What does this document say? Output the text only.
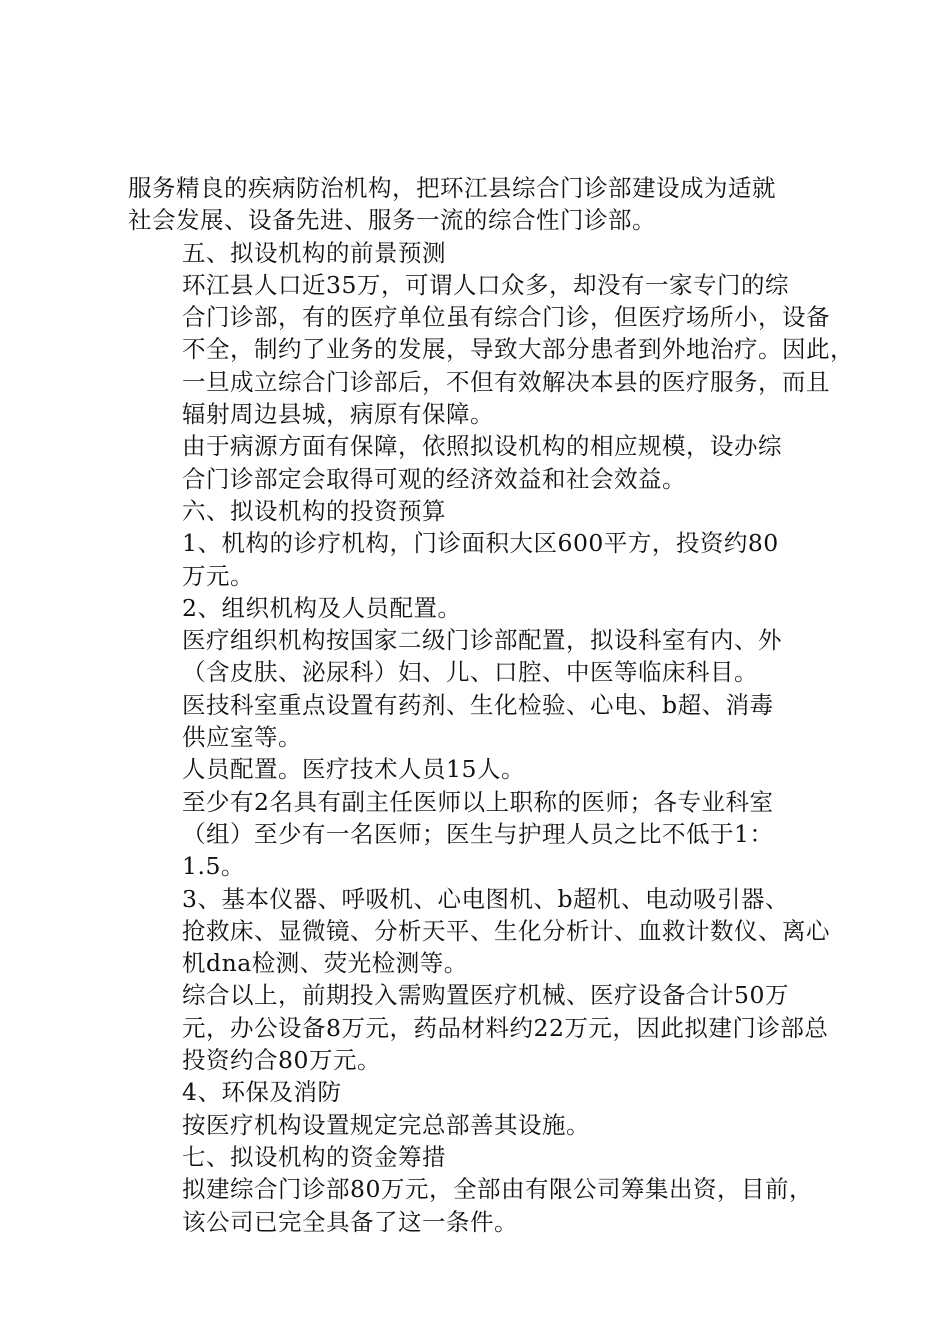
服务精良的疾病防治机构，把环江县综合门诊部建设成为适就
社会发展、设备先进、服务一流的综合性门诊部。
五、拟设机构的前景预测
环江县人口近35万，可谓人口众多，却没有一家专门的综
合门诊部，有的医疗单位虽有综合门诊，但医疗场所小，设备
不全，制约了业务的发展，导致大部分患者到外地治疗。因此，
一旦成立综合门诊部后，不但有效解决本县的医疗服务，而且
辐射周边县城，病原有保障。
由于病源方面有保障，依照拟设机构的相应规模，设办综
合门诊部定会取得可观的经济效益和社会效益。
六、拟设机构的投资预算
1、机构的诊疗机构，门诊面积大区600平方，投资约80
万元。
2、组织机构及人员配置。
医疗组织机构按国家二级门诊部配置，拟设科室有内、外
（含皮肤、泌尿科）妇、儿、口腔、中医等临床科目。
医技科室重点设置有药剂、生化检验、心电、b超、消毒
供应室等。
人员配置。医疗技术人员15人。
至少有2名具有副主任医师以上职称的医师；各专业科室
（组）至少有一名医师；医生与护理人员之比不低于1：
1.5。
3、基本仪器、呼吸机、心电图机、b超机、电动吸引器、
抢救床、显微镜、分析天平、生化分析计、血救计数仪、离心
机dna检测、荧光检测等。
综合以上，前期投入需购置医疗机械、医疗设备合计50万
元，办公设备8万元，药品材料约22万元，因此拟建门诊部总
投资约合80万元。
4、环保及消防
按医疗机构设置规定完总部善其设施。
七、拟设机构的资金筹措
拟建综合门诊部80万元，全部由有限公司筹集出资，目前，
该公司已完全具备了这一条件。
